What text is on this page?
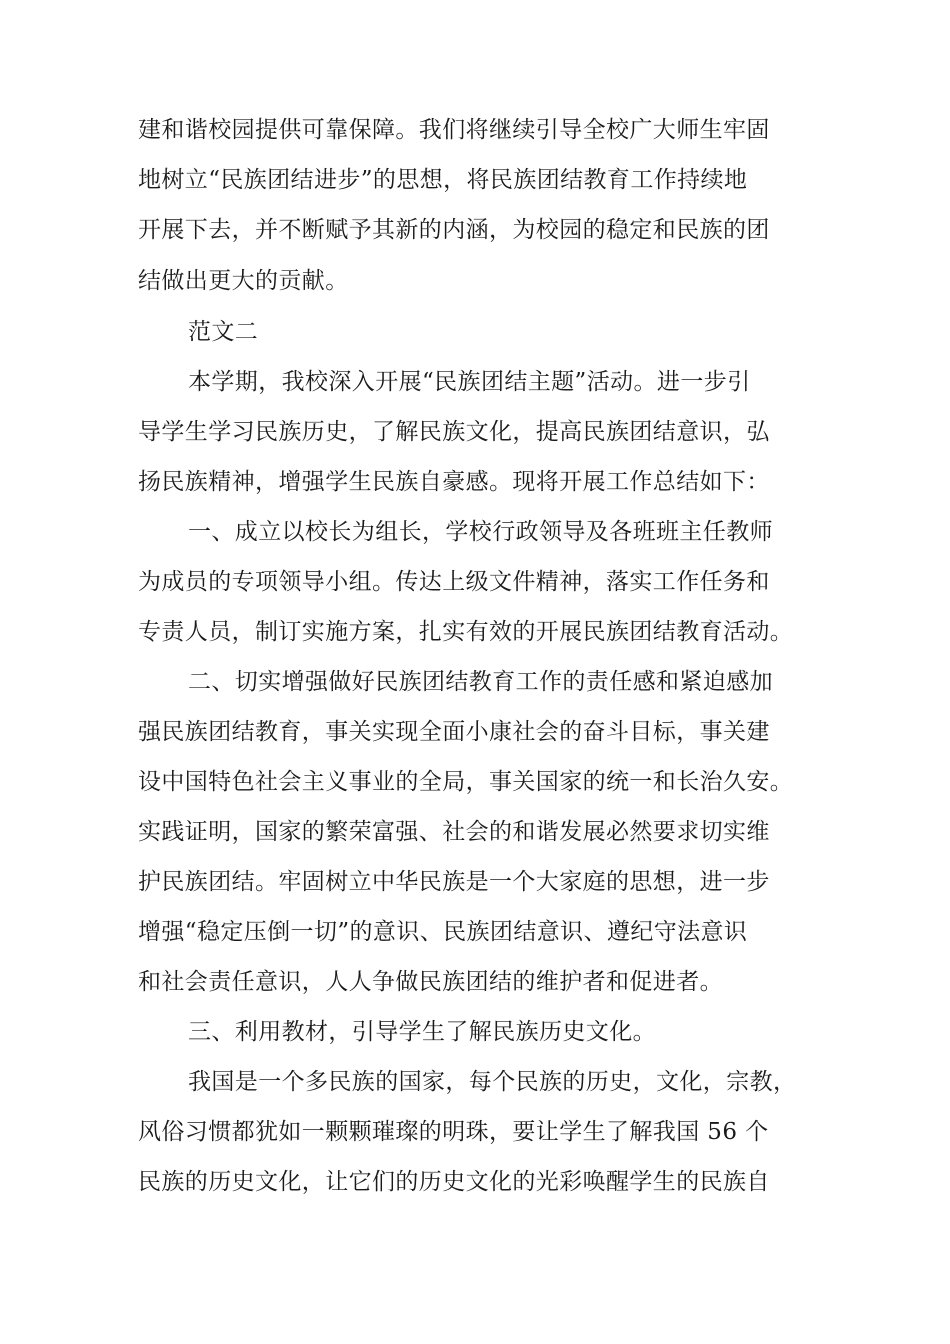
建和谐校园提供可靠保障。我们将继续引导全校广大师生牢固
地树立“民族团结进步”的思想，将民族团结教育工作持续地
开展下去，并不断赋予其新的内涵，为校园的稳定和民族的团
结做出更大的贡献。
范文二
本学期，我校深入开展“民族团结主题”活动。进一步引
导学生学习民族历史，了解民族文化，提高民族团结意识，弘
扬民族精神，增强学生民族自豪感。现将开展工作总结如下：
一、成立以校长为组长，学校行政领导及各班班主任教师
为成员的专项领导小组。传达上级文件精神，落实工作任务和
专责人员，制订实施方案，扎实有效的开展民族团结教育活动。
二、切实增强做好民族团结教育工作的责任感和紧迫感加
强民族团结教育，事关实现全面小康社会的奋斗目标，事关建
设中国特色社会主义事业的全局，事关国家的统一和长治久安。
实践证明，国家的繁荣富强、社会的和谐发展必然要求切实维
护民族团结。牢固树立中华民族是一个大家庭的思想，进一步
增强“稳定压倒一切”的意识、民族团结意识、遵纪守法意识
和社会责任意识，人人争做民族团结的维护者和促进者。
三、利用教材，引导学生了解民族历史文化。
我国是一个多民族的国家，每个民族的历史，文化，宗教，
风俗习惯都犹如一颗颗璀璨的明珠，要让学生了解我国 56 个
民族的历史文化，让它们的历史文化的光彩唤醒学生的民族自
